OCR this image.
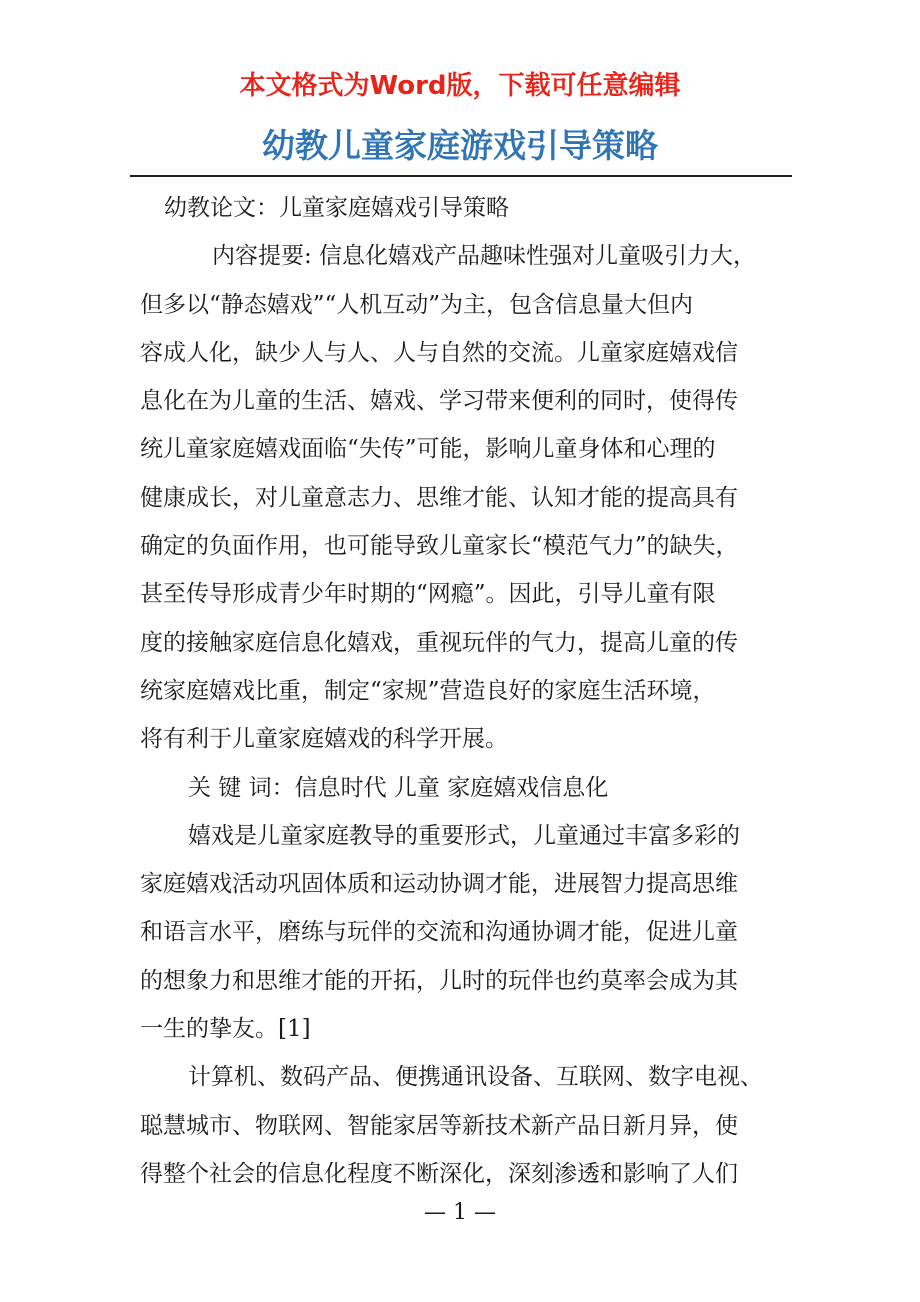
本文格式为Word版，下载可任意编辑
幼教儿童家庭游戏引导策略
幼教论文：儿童家庭嬉戏引导策略
内容提要: 信息化嬉戏产品趣味性强对儿童吸引力大，
但多以“静态嬉戏”“人机互动”为主，包含信息量大但内
容成人化，缺少人与人、人与自然的交流。儿童家庭嬉戏信
息化在为儿童的生活、嬉戏、学习带来便利的同时，使得传
统儿童家庭嬉戏面临“失传”可能，影响儿童身体和心理的
健康成长，对儿童意志力、思维才能、认知才能的提高具有
确定的负面作用，也可能导致儿童家长“模范气力”的缺失，
甚至传导形成青少年时期的“网瘾”。因此，引导儿童有限
度的接触家庭信息化嬉戏，重视玩伴的气力，提高儿童的传
统家庭嬉戏比重，制定“家规”营造良好的家庭生活环境，
将有利于儿童家庭嬉戏的科学开展。
关 键 词：信息时代 儿童 家庭嬉戏信息化
嬉戏是儿童家庭教导的重要形式，儿童通过丰富多彩的
家庭嬉戏活动巩固体质和运动协调才能，进展智力提高思维
和语言水平，磨练与玩伴的交流和沟通协调才能，促进儿童
的想象力和思维才能的开拓，儿时的玩伴也约莫率会成为其
一生的挚友。[1]
计算机、数码产品、便携通讯设备、互联网、数字电视、
聪慧城市、物联网、智能家居等新技术新产品日新月异，使
得整个社会的信息化程度不断深化，深刻渗透和影响了人们
— 1 —
